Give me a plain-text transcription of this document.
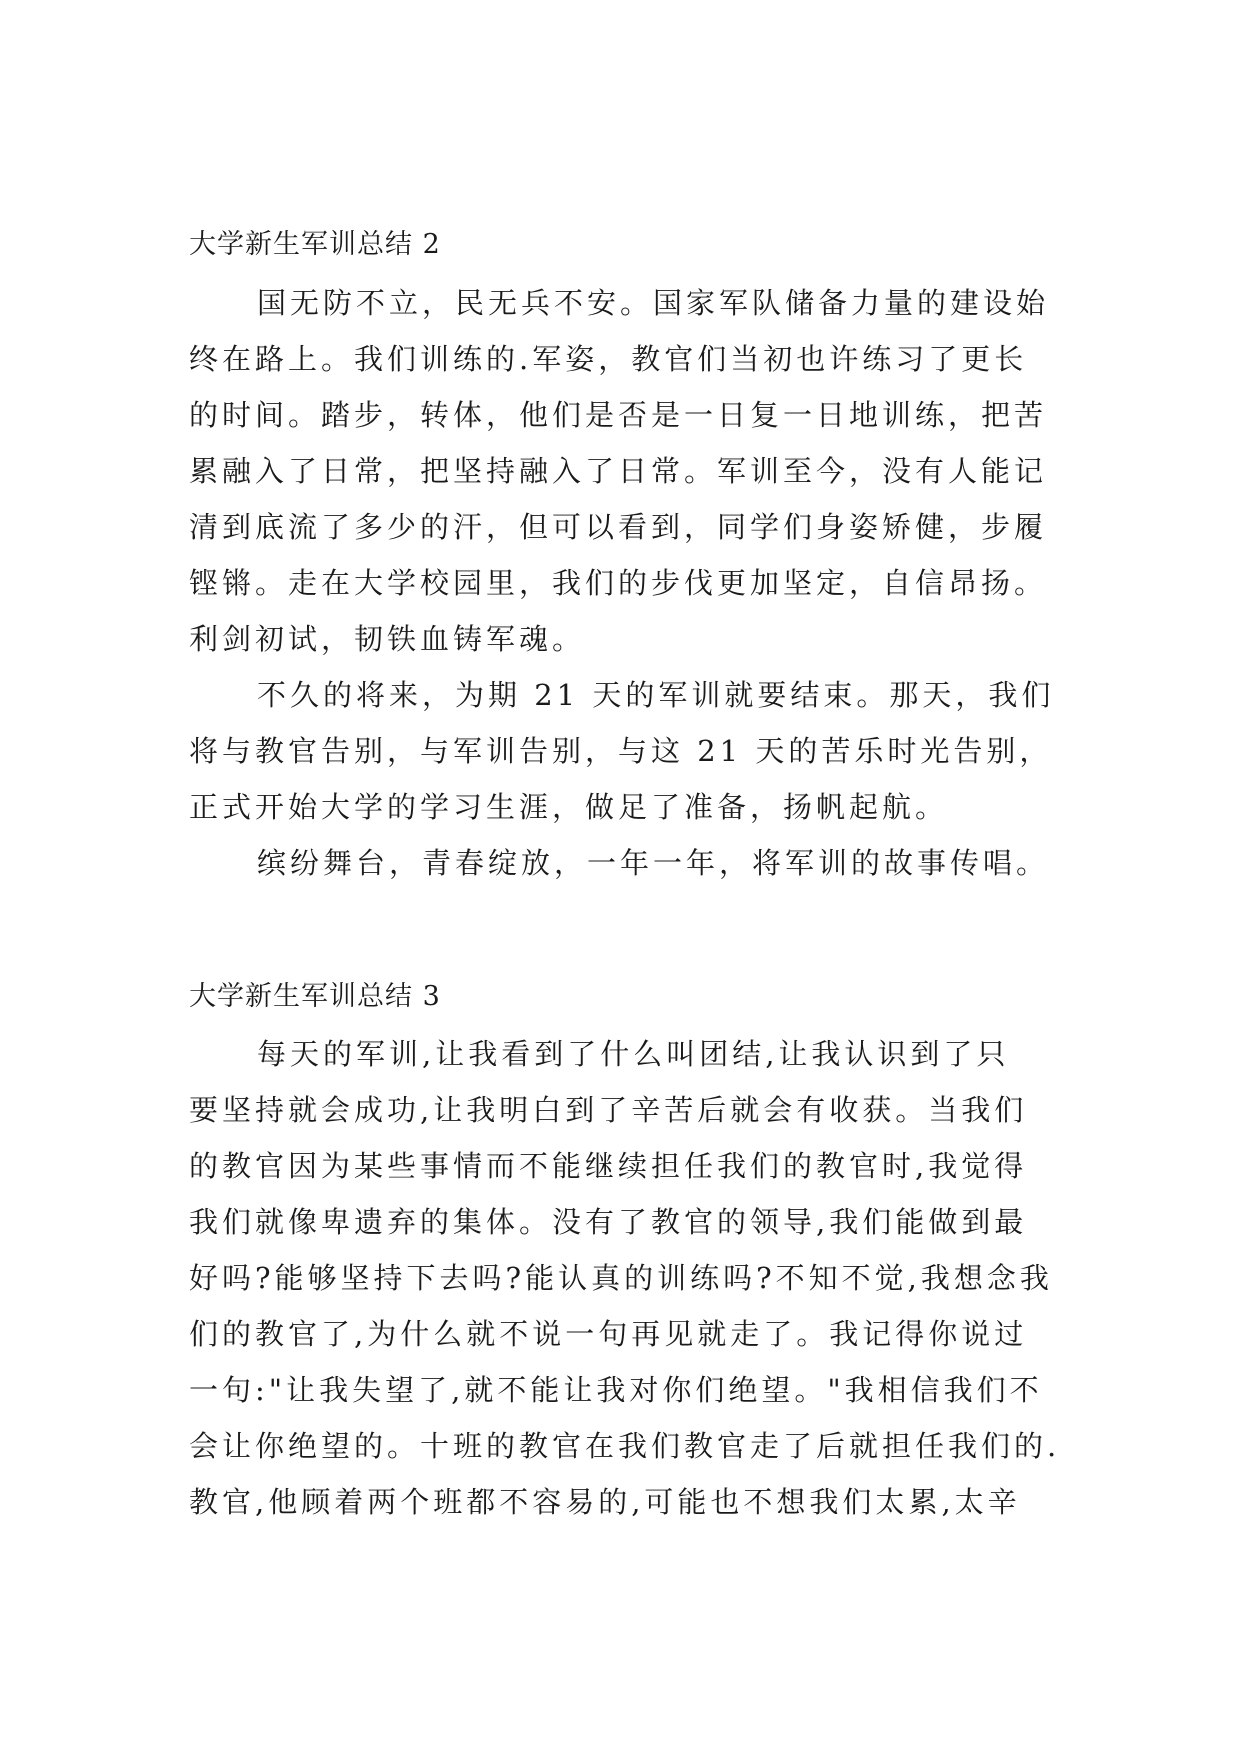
大学新生军训总结 2

国无防不立，民无兵不安。国家军队储备力量的建设始

终在路上。我们训练的.军姿，教官们当初也许练习了更长

的时间。踏步，转体，他们是否是一日复一日地训练，把苦

累融入了日常，把坚持融入了日常。军训至今，没有人能记

清到底流了多少的汗，但可以看到，同学们身姿矫健，步履

铿锵。走在大学校园里，我们的步伐更加坚定，自信昂扬。

利剑初试，韧铁血铸军魂。

不久的将来，为期 21 天的军训就要结束。那天，我们

将与教官告别，与军训告别，与这 21 天的苦乐时光告别，

正式开始大学的学习生涯，做足了准备，扬帆起航。

缤纷舞台，青春绽放，一年一年，将军训的故事传唱。

大学新生军训总结 3

每天的军训,让我看到了什么叫团结,让我认识到了只

要坚持就会成功,让我明白到了辛苦后就会有收获。当我们

的教官因为某些事情而不能继续担任我们的教官时,我觉得

我们就像卑遗弃的集体。没有了教官的领导,我们能做到最

好吗?能够坚持下去吗?能认真的训练吗?不知不觉,我想念我

们的教官了,为什么就不说一句再见就走了。我记得你说过

一句:"让我失望了,就不能让我对你们绝望。"我相信我们不

会让你绝望的。十班的教官在我们教官走了后就担任我们的.

教官,他顾着两个班都不容易的,可能也不想我们太累,太辛
